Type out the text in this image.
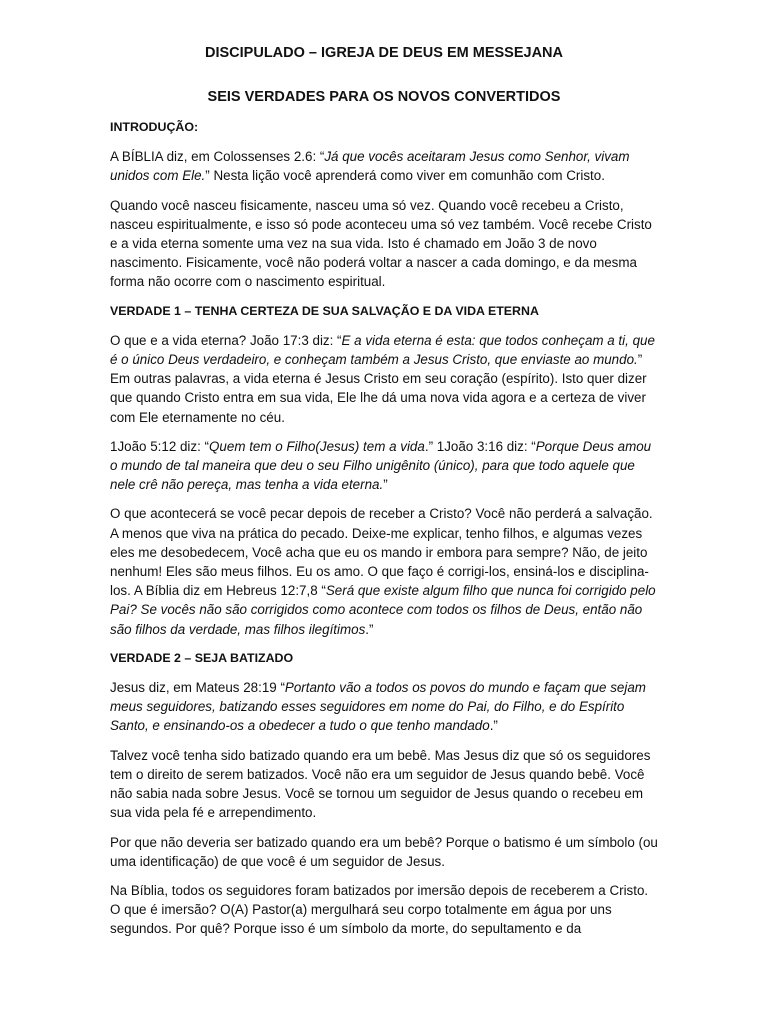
DISCIPULADO – IGREJA DE DEUS EM MESSEJANA
SEIS VERDADES PARA OS NOVOS CONVERTIDOS

INTRODUÇÃO:

A BÍBLIA diz, em Colossenses 2.6: “Já que vocês aceitaram Jesus como Senhor, vivam unidos com Ele.” Nesta lição você aprenderá como viver em comunhão com Cristo.

Quando você nasceu fisicamente, nasceu uma só vez. Quando você recebeu a Cristo, nasceu espiritualmente, e isso só pode aconteceu uma só vez também. Você recebe Cristo e a vida eterna somente uma vez na sua vida. Isto é chamado em João 3 de novo nascimento. Fisicamente, você não poderá voltar a nascer a cada domingo, e da mesma forma não ocorre com o nascimento espiritual.

VERDADE 1 – TENHA CERTEZA DE SUA SALVAÇÃO E DA VIDA ETERNA

O que e a vida eterna? João 17:3 diz: “E a vida eterna é esta: que todos conheçam a ti, que é o único Deus verdadeiro, e conheçam também a Jesus Cristo, que enviaste ao mundo.” Em outras palavras, a vida eterna é Jesus Cristo em seu coração (espírito). Isto quer dizer que quando Cristo entra em sua vida, Ele lhe dá uma nova vida agora e a certeza de viver com Ele eternamente no céu.

1João 5:12 diz: “Quem tem o Filho(Jesus) tem a vida.” 1João 3:16 diz: “Porque Deus amou o mundo de tal maneira que deu o seu Filho unigênito (único), para que todo aquele que nele crê não pereça, mas tenha a vida eterna.”

O que acontecerá se você pecar depois de receber a Cristo? Você não perderá a salvação. A menos que viva na prática do pecado. Deixe-me explicar, tenho filhos, e algumas vezes eles me desobedecem, Você acha que eu os mando ir embora para sempre? Não, de jeito nenhum! Eles são meus filhos. Eu os amo. O que faço é corrigi-los, ensiná-los e disciplina-los. A Bíblia diz em Hebreus 12:7,8 “Será que existe algum filho que nunca foi corrigido pelo Pai? Se vocês não são corrigidos como acontece com todos os filhos de Deus, então não são filhos da verdade, mas filhos ilegítimos.”

VERDADE 2 – SEJA BATIZADO

Jesus diz, em Mateus 28:19 “Portanto vão a todos os povos do mundo e façam que sejam meus seguidores, batizando esses seguidores em nome do Pai, do Filho, e do Espírito Santo, e ensinando-os a obedecer a tudo o que tenho mandado.”

Talvez você tenha sido batizado quando era um bebê. Mas Jesus diz que só os seguidores tem o direito de serem batizados. Você não era um seguidor de Jesus quando bebê. Você não sabia nada sobre Jesus. Você se tornou um seguidor de Jesus quando o recebeu em sua vida pela fé e arrependimento.

Por que não deveria ser batizado quando era um bebê? Porque o batismo é um símbolo (ou uma identificação) de que você é um seguidor de Jesus.

Na Bíblia, todos os seguidores foram batizados por imersão depois de receberem a Cristo. O que é imersão? O(A) Pastor(a) mergulhará seu corpo totalmente em água por uns segundos. Por quê? Porque isso é um símbolo da morte, do sepultamento e da
